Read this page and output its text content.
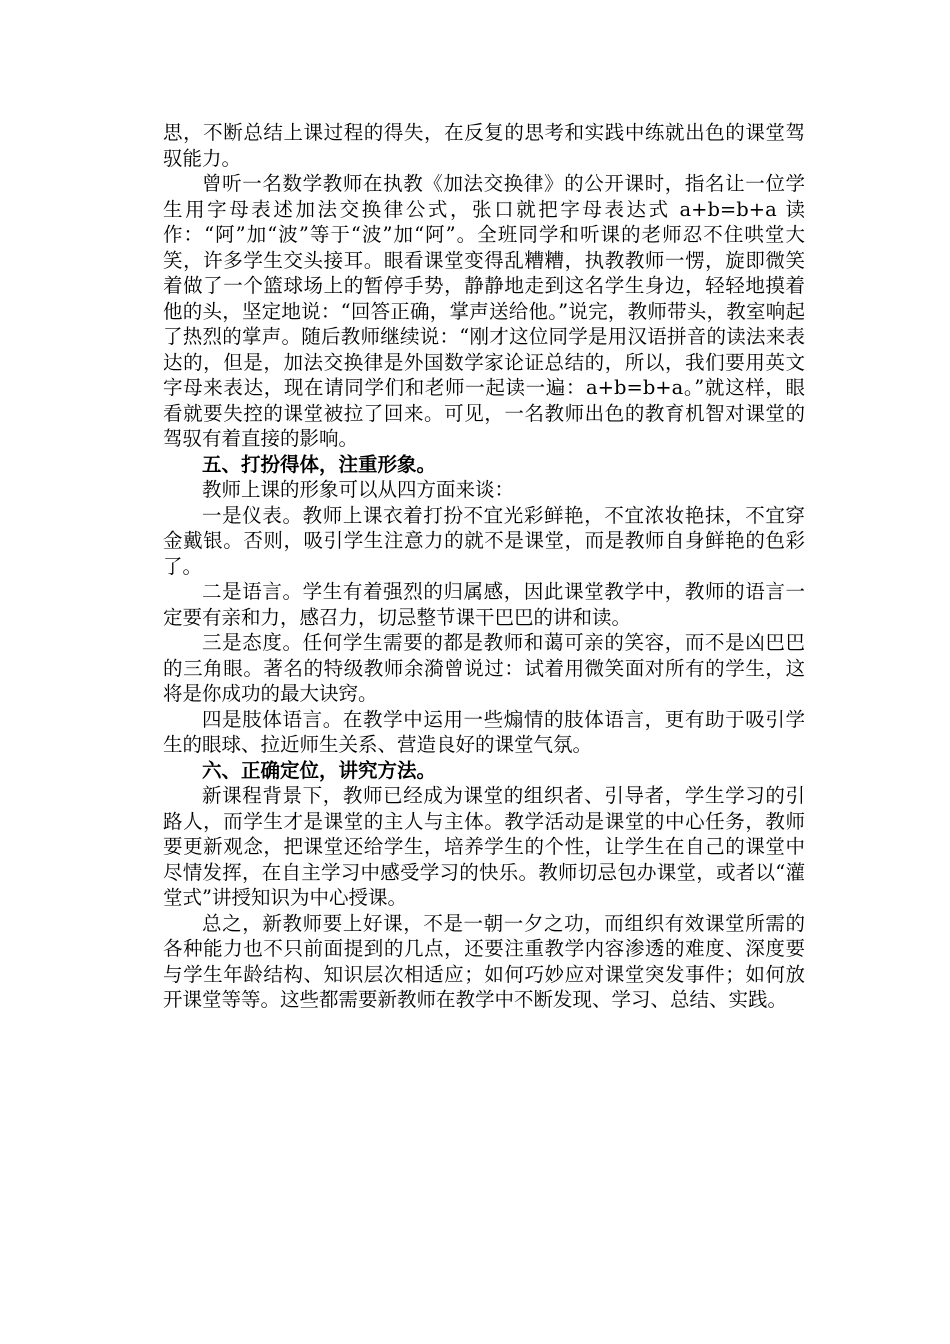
思，不断总结上课过程的得失，在反复的思考和实践中练就出色的课堂驾驭能力。

曾听一名数学教师在执教《加法交换律》的公开课时，指名让一位学生用字母表述加法交换律公式，张口就把字母表达式 a+b=b+a 读作：“阿”加“波”等于“波”加“阿”。全班同学和听课的老师忍不住哄堂大笑，许多学生交头接耳。眼看课堂变得乱糟糟，执教教师一愣，旋即微笑着做了一个篮球场上的暂停手势，静静地走到这名学生身边，轻轻地摸着他的头，坚定地说：“回答正确，掌声送给他。”说完，教师带头，教室响起了热烈的掌声。随后教师继续说：“刚才这位同学是用汉语拼音的读法来表达的，但是，加法交换律是外国数学家论证总结的，所以，我们要用英文字母来表达，现在请同学们和老师一起读一遍：a+b=b+a。”就这样，眼看就要失控的课堂被拉了回来。可见，一名教师出色的教育机智对课堂的驾驭有着直接的影响。

五、打扮得体，注重形象。

教师上课的形象可以从四方面来谈：

一是仪表。教师上课衣着打扮不宜光彩鲜艳，不宜浓妆艳抹，不宜穿金戴银。否则，吸引学生注意力的就不是课堂，而是教师自身鲜艳的色彩了。

二是语言。学生有着强烈的归属感，因此课堂教学中，教师的语言一定要有亲和力，感召力，切忌整节课干巴巴的讲和读。

三是态度。任何学生需要的都是教师和蔼可亲的笑容，而不是凶巴巴的三角眼。著名的特级教师余漪曾说过：试着用微笑面对所有的学生，这将是你成功的最大诀窍。

四是肢体语言。在教学中运用一些煽情的肢体语言，更有助于吸引学生的眼球、拉近师生关系、营造良好的课堂气氛。

六、正确定位，讲究方法。

新课程背景下，教师已经成为课堂的组织者、引导者，学生学习的引路人，而学生才是课堂的主人与主体。教学活动是课堂的中心任务，教师要更新观念，把课堂还给学生，培养学生的个性，让学生在自己的课堂中尽情发挥，在自主学习中感受学习的快乐。教师切忌包办课堂，或者以“灌堂式”讲授知识为中心授课。

总之，新教师要上好课，不是一朝一夕之功，而组织有效课堂所需的各种能力也不只前面提到的几点，还要注重教学内容渗透的难度、深度要与学生年龄结构、知识层次相适应；如何巧妙应对课堂突发事件；如何放开课堂等等。这些都需要新教师在教学中不断发现、学习、总结、实践。
